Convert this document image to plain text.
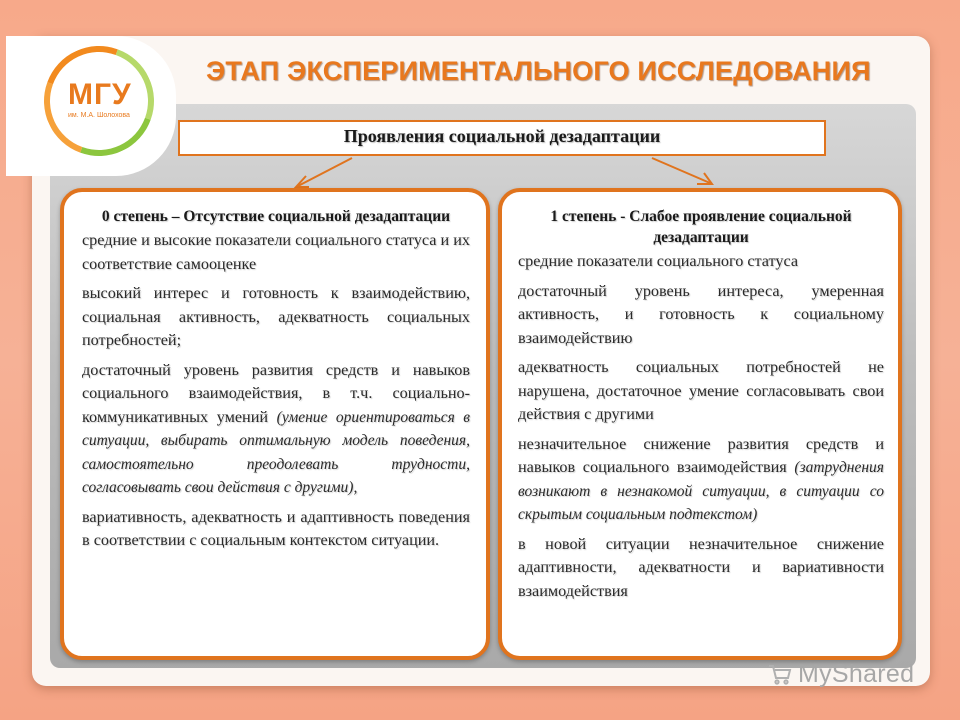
МГУ
им. М.А. Шолохова
ЭТАП ЭКСПЕРИМЕНТАЛЬНОГО ИССЛЕДОВАНИЯ
Проявления социальной дезадаптации
0 степень – Отсутствие социальной дезадаптации

средние и высокие показатели социального статуса и их соответствие самооценке

высокий интерес и готовность к взаимодействию, социальная активность, адекватность социальных потребностей;

достаточный уровень развития средств и навыков социального взаимодействия, в т.ч. социально-коммуникативных умений (умение ориентироваться в ситуации, выбирать оптимальную модель поведения, самостоятельно преодолевать трудности, согласовывать свои действия с другими),

вариативность, адекватность и адаптивность поведения в соответствии с социальным контекстом ситуации.

1 степень - Слабое проявление социальной дезадаптации

средние показатели социального статуса

достаточный уровень интереса, умеренная активность, и готовность к социальному взаимодействию

адекватность социальных потребностей не нарушена, достаточное умение согласовывать свои действия с другими

незначительное снижение развития средств и навыков социального взаимодействия (затруднения возникают в незнакомой ситуации, в ситуации со скрытым социальным подтекстом)

в новой ситуации незначительное снижение адаптивности, адекватности и вариативности взаимодействия

MyShared
